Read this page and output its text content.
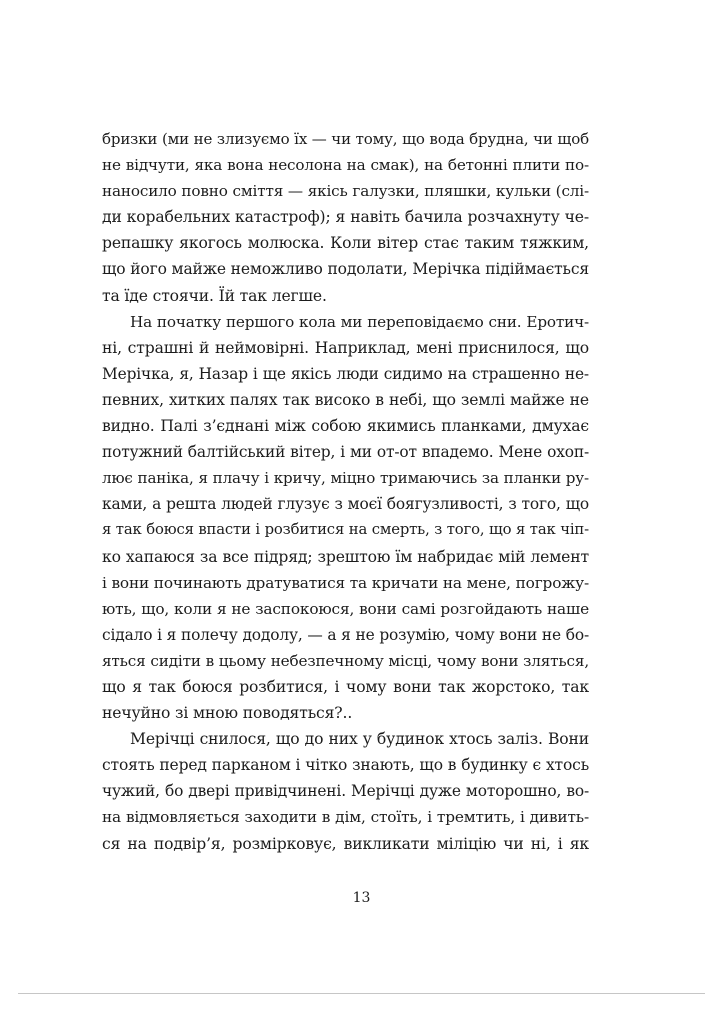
бризки (ми не злизуємо їх — чи тому, що вода брудна, чи щоб
не відчути, яка вона несолона на смак), на бетонні плити по-
наносило повно сміття — якісь галузки, пляшки, кульки (слі-
ди корабельних катастроф); я навіть бачила розчахнуту че-
репашку якогось молюска. Коли вітер стає таким тяжким,
що його майже неможливо подолати, Мерічка підіймається
та їде стоячи. Їй так легше.
На початку першого кола ми переповідаємо сни. Еротич-
ні, страшні й неймовірні. Наприклад, мені приснилося, що
Мерічка, я, Назар і ще якісь люди сидимо на страшенно не-
певних, хитких палях так високо в небі, що землі майже не
видно. Палі з’єднані між собою якимись планками, дмухає
потужний балтійський вітер, і ми от-от впадемо. Мене охоп-
лює паніка, я плачу і кричу, міцно тримаючись за планки ру-
ками, а решта людей глузує з моєї боягузливості, з того, що
я так боюся впасти і розбитися на смерть, з того, що я так чіп-
ко хапаюся за все підряд; зрештою їм набридає мій лемент
і вони починають дратуватися та кричати на мене, погрожу-
ють, що, коли я не заспокоюся, вони самі розгойдають наше
сідало і я полечу додолу, — а я не розумію, чому вони не бо-
яться сидіти в цьому небезпечному місці, чому вони зляться,
що я так боюся розбитися, і чому вони так жорстоко, так
нечуйно зі мною поводяться?..
Мерічці снилося, що до них у будинок хтось заліз. Вони
стоять перед парканом і чітко знають, що в будинку є хтось
чужий, бо двері привідчинені. Мерічці дуже моторошно, во-
на відмовляється заходити в дім, стоїть, і тремтить, і дивить-
ся на подвір’я, розмірковує, викликати міліцію чи ні, і як
13
